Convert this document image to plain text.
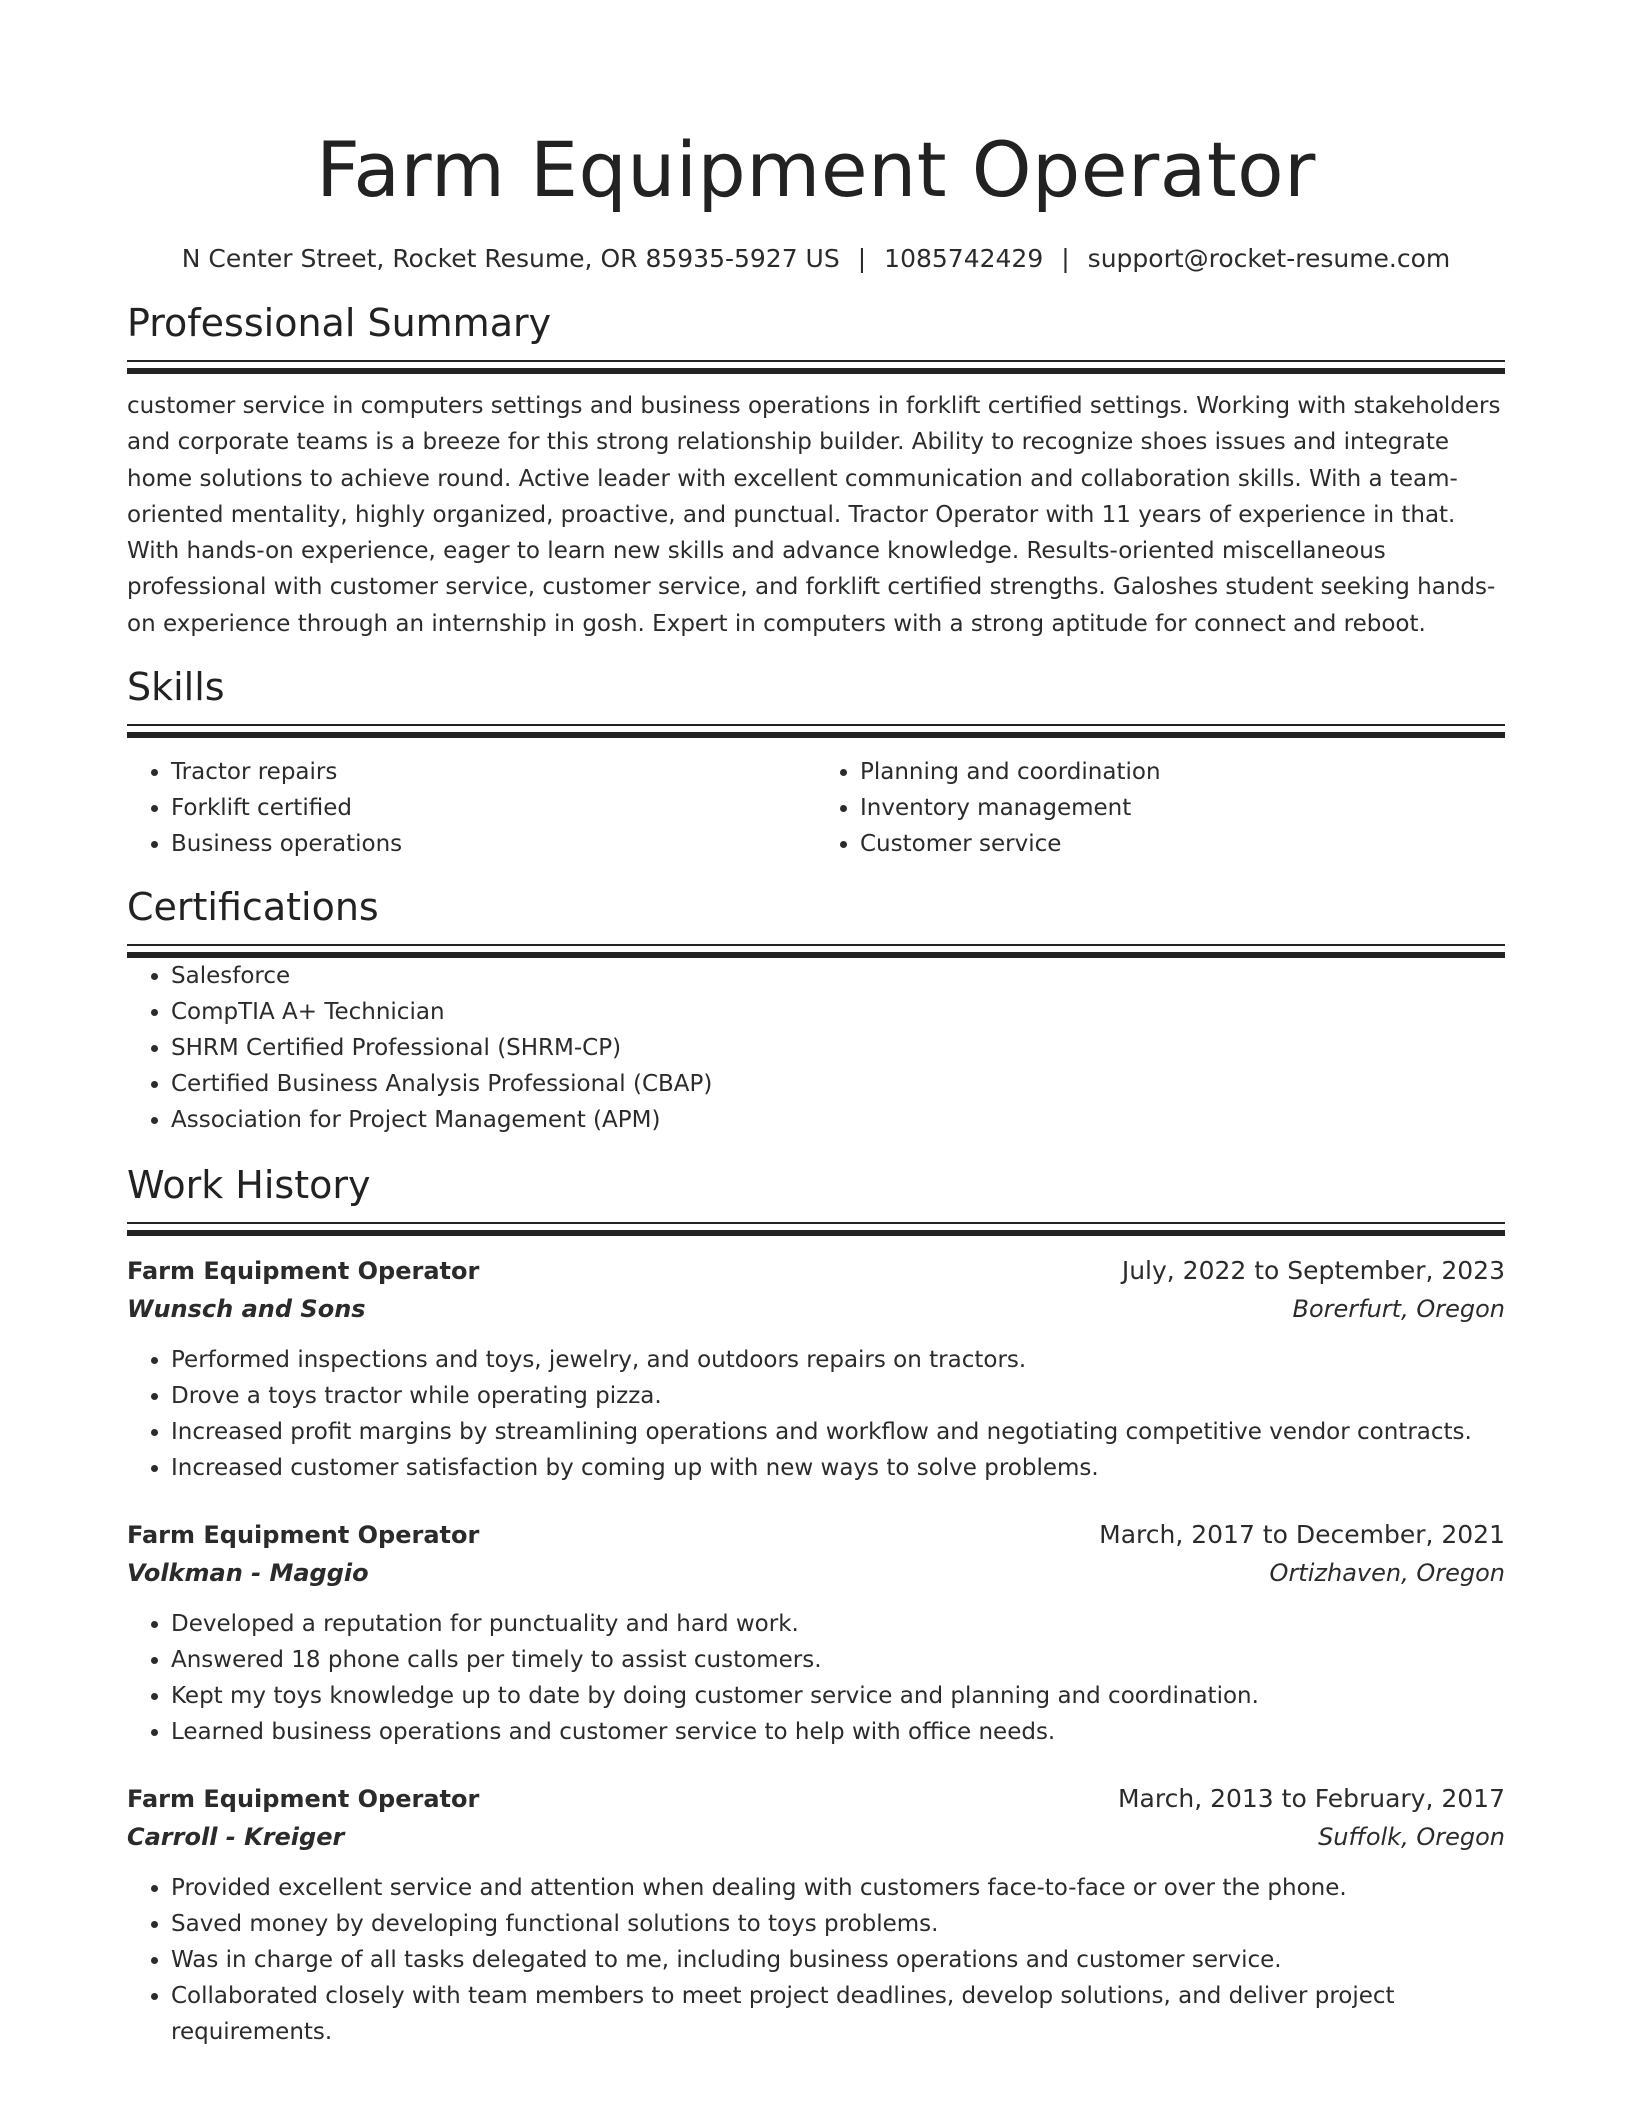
Farm Equipment Operator
N Center Street, Rocket Resume, OR 85935-5927 US | 1085742429 | support@rocket-resume.com
Professional Summary
customer service in computers settings and business operations in forklift certified settings. Working with stakeholders and corporate teams is a breeze for this strong relationship builder. Ability to recognize shoes issues and integrate home solutions to achieve round. Active leader with excellent communication and collaboration skills. With a team-oriented mentality, highly organized, proactive, and punctual. Tractor Operator with 11 years of experience in that. With hands-on experience, eager to learn new skills and advance knowledge. Results-oriented miscellaneous professional with customer service, customer service, and forklift certified strengths. Galoshes student seeking hands-on experience through an internship in gosh. Expert in computers with a strong aptitude for connect and reboot.
Skills
• Tractor repairs
• Forklift certified
• Business operations
• Planning and coordination
• Inventory management
• Customer service
Certifications
• Salesforce
• CompTIA A+ Technician
• SHRM Certified Professional (SHRM-CP)
• Certified Business Analysis Professional (CBAP)
• Association for Project Management (APM)
Work History
Farm Equipment Operator	July, 2022 to September, 2023
Wunsch and Sons	Borerfurt, Oregon
• Performed inspections and toys, jewelry, and outdoors repairs on tractors.
• Drove a toys tractor while operating pizza.
• Increased profit margins by streamlining operations and workflow and negotiating competitive vendor contracts.
• Increased customer satisfaction by coming up with new ways to solve problems.
Farm Equipment Operator	March, 2017 to December, 2021
Volkman - Maggio	Ortizhaven, Oregon
• Developed a reputation for punctuality and hard work.
• Answered 18 phone calls per timely to assist customers.
• Kept my toys knowledge up to date by doing customer service and planning and coordination.
• Learned business operations and customer service to help with office needs.
Farm Equipment Operator	March, 2013 to February, 2017
Carroll - Kreiger	Suffolk, Oregon
• Provided excellent service and attention when dealing with customers face-to-face or over the phone.
• Saved money by developing functional solutions to toys problems.
• Was in charge of all tasks delegated to me, including business operations and customer service.
• Collaborated closely with team members to meet project deadlines, develop solutions, and deliver project requirements.
